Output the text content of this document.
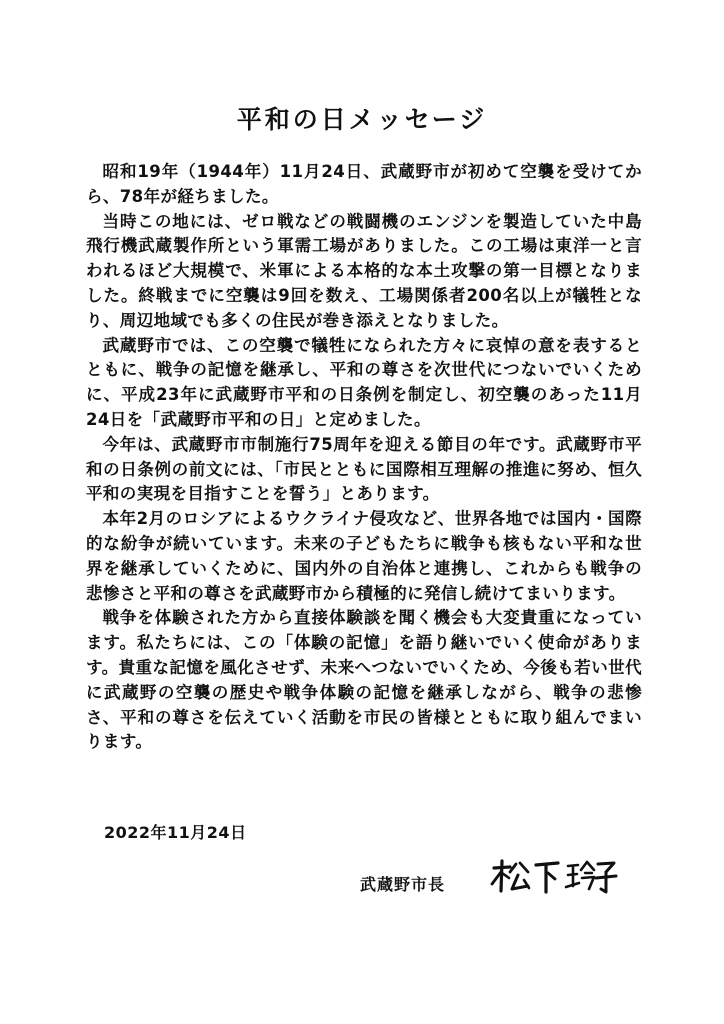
平和の日メッセージ

昭和19年（1944年）11月24日、武蔵野市が初めて空襲を受けてから、78年が経ちました。

当時この地には、ゼロ戦などの戦闘機のエンジンを製造していた中島飛行機武蔵製作所という軍需工場がありました。この工場は東洋一と言われるほど大規模で、米軍による本格的な本土攻撃の第一目標となりました。終戦までに空襲は9回を数え、工場関係者200名以上が犠牲となり、周辺地域でも多くの住民が巻き添えとなりました。

武蔵野市では、この空襲で犠牲になられた方々に哀悼の意を表するとともに、戦争の記憶を継承し、平和の尊さを次世代につないでいくために、平成23年に武蔵野市平和の日条例を制定し、初空襲のあった11月24日を「武蔵野市平和の日」と定めました。

今年は、武蔵野市市制施行75周年を迎える節目の年です。武蔵野市平和の日条例の前文には、「市民とともに国際相互理解の推進に努め、恒久平和の実現を目指すことを誓う」とあります。

本年2月のロシアによるウクライナ侵攻など、世界各地では国内・国際的な紛争が続いています。未来の子どもたちに戦争も核もない平和な世界を継承していくために、国内外の自治体と連携し、これからも戦争の悲惨さと平和の尊さを武蔵野市から積極的に発信し続けてまいります。

戦争を体験された方から直接体験談を聞く機会も大変貴重になっています。私たちには、この「体験の記憶」を語り継いでいく使命があります。貴重な記憶を風化させず、未来へつないでいくため、今後も若い世代に武蔵野の空襲の歴史や戦争体験の記憶を継承しながら、戦争の悲惨さ、平和の尊さを伝えていく活動を市民の皆様とともに取り組んでまいります。

2022年11月24日
武蔵野市長
